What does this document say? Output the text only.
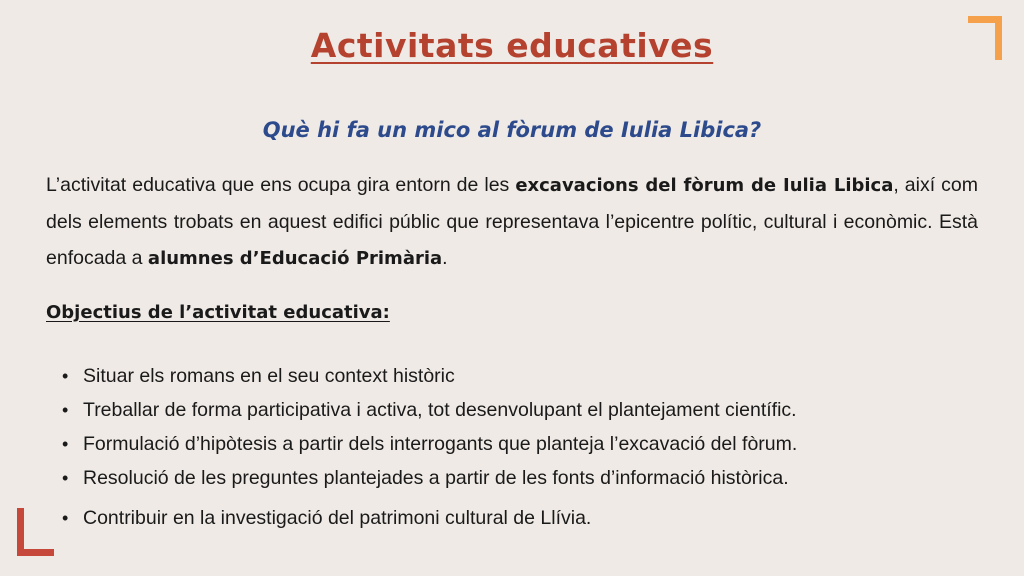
Activitats educatives
Què hi fa un mico al fòrum de Iulia Libica?

L’activitat educativa que ens ocupa gira entorn de les excavacions del fòrum de Iulia Libica, així com dels elements trobats en aquest edifici públic que representava l’epicentre polític, cultural i econòmic. Està enfocada a alumnes d’Educació Primària.

Objectius de l’activitat educativa:

• Situar els romans en el seu context històric
• Treballar de forma participativa i activa, tot desenvolupant el plantejament científic.
• Formulació d’hipòtesis a partir dels interrogants que planteja l’excavació del fòrum.
• Resolució de les preguntes plantejades a partir de les fonts d’informació històrica.
• Contribuir en la investigació del patrimoni cultural de Llívia.
